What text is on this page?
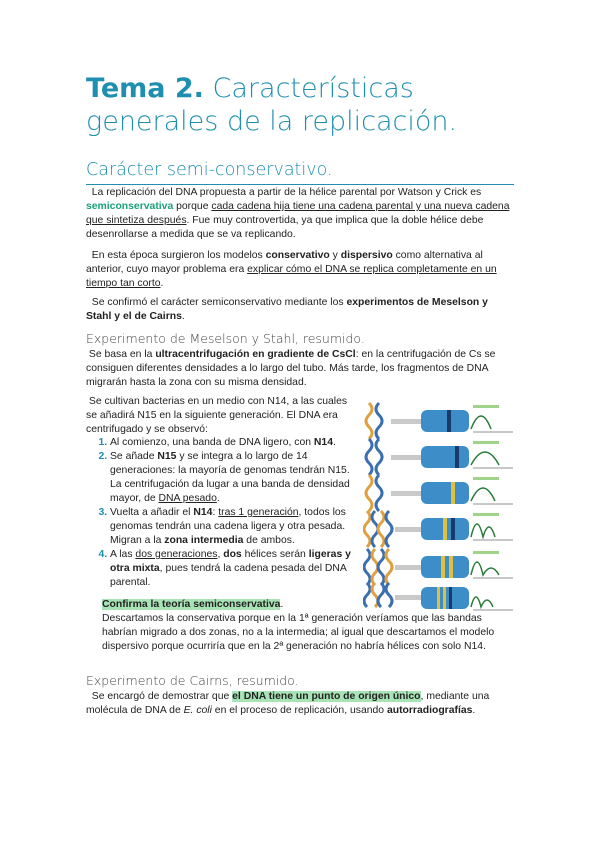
Tema 2. Características generales de la replicación.
Carácter semi-conservativo.
La replicación del DNA propuesta a partir de la hélice parental por Watson y Crick es semiconservativa porque cada cadena hija tiene una cadena parental y una nueva cadena que sintetiza después. Fue muy controvertida, ya que implica que la doble hélice debe desenrollarse a medida que se va replicando.
En esta época surgieron los modelos conservativo y dispersivo como alternativa al anterior, cuyo mayor problema era explicar cómo el DNA se replica completamente en un tiempo tan corto.
Se confirmó el carácter semiconservativo mediante los experimentos de Meselson y Stahl y el de Cairns.
Experimento de Meselson y Stahl, resumido.
Se basa en la ultracentrifugación en gradiente de CsCl: en la centrifugación de Cs se consiguen diferentes densidades a lo largo del tubo. Más tarde, los fragmentos de DNA migrarán hasta la zona con su misma densidad.
Se cultivan bacterias en un medio con N14, a las cuales se añadirá N15 en la siguiente generación. El DNA era centrifugado y se observó:
1. Al comienzo, una banda de DNA ligero, con N14.
2. Se añade N15 y se integra a lo largo de 14 generaciones: la mayoría de genomas tendrán N15. La centrifugación da lugar a una banda de densidad mayor, de DNA pesado.
3. Vuelta a añadir el N14: tras 1 generación, todos los genomas tendrán una cadena ligera y otra pesada. Migran a la zona intermedia de ambos.
4. A las dos generaciones, dos hélices serán ligeras y otra mixta, pues tendrá la cadena pesada del DNA parental.
Confirma la teoría semiconservativa.
Descartamos la conservativa porque en la 1ª generación veríamos que las bandas habrían migrado a dos zonas, no a la intermedia; al igual que descartamos el modelo dispersivo porque ocurriría que en la 2ª generación no habría hélices con solo N14.
Experimento de Cairns, resumido.
Se encargó de demostrar que el DNA tiene un punto de origen único, mediante una molécula de DNA de E. coli en el proceso de replicación, usando autorradiografías.
